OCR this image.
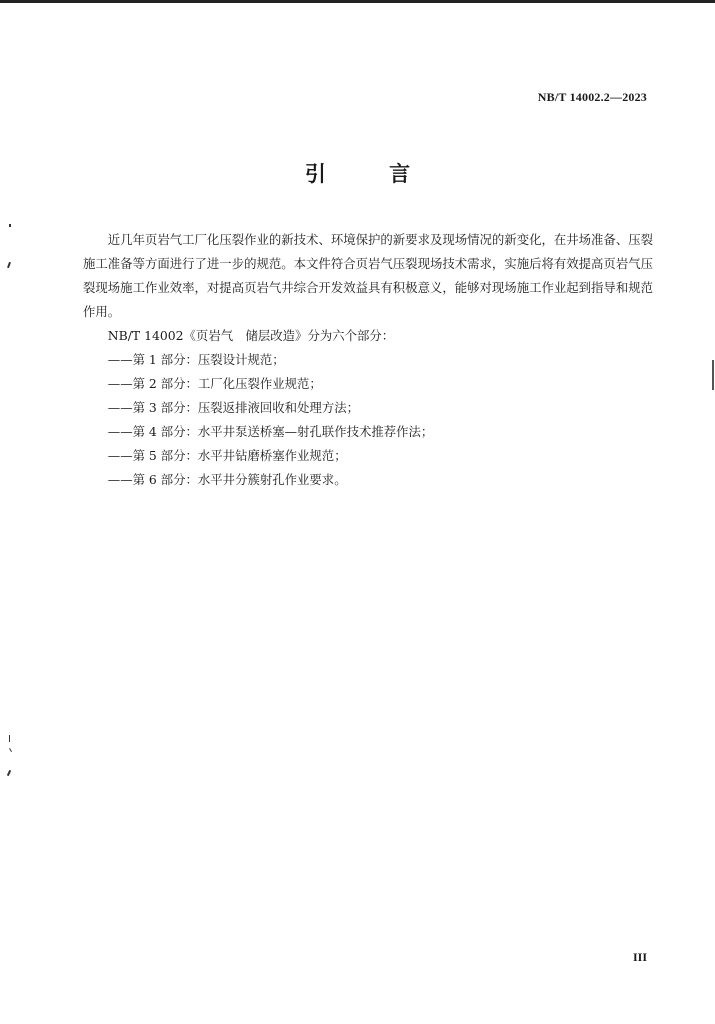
NB/T 14002.2—2023
引 言

近几年页岩气工厂化压裂作业的新技术、环境保护的新要求及现场情况的新变化，在井场准备、压裂施工准备等方面进行了进一步的规范。本文件符合页岩气压裂现场技术需求，实施后将有效提高页岩气压裂现场施工作业效率，对提高页岩气井综合开发效益具有积极意义，能够对现场施工作业起到指导和规范作用。

NB/T 14002《页岩气　储层改造》分为六个部分：

——第 1 部分：压裂设计规范；
——第 2 部分：工厂化压裂作业规范；
——第 3 部分：压裂返排液回收和处理方法；
——第 4 部分：水平井泵送桥塞—射孔联作技术推荐作法；
——第 5 部分：水平井钻磨桥塞作业规范；
——第 6 部分：水平井分簇射孔作业要求。
III
